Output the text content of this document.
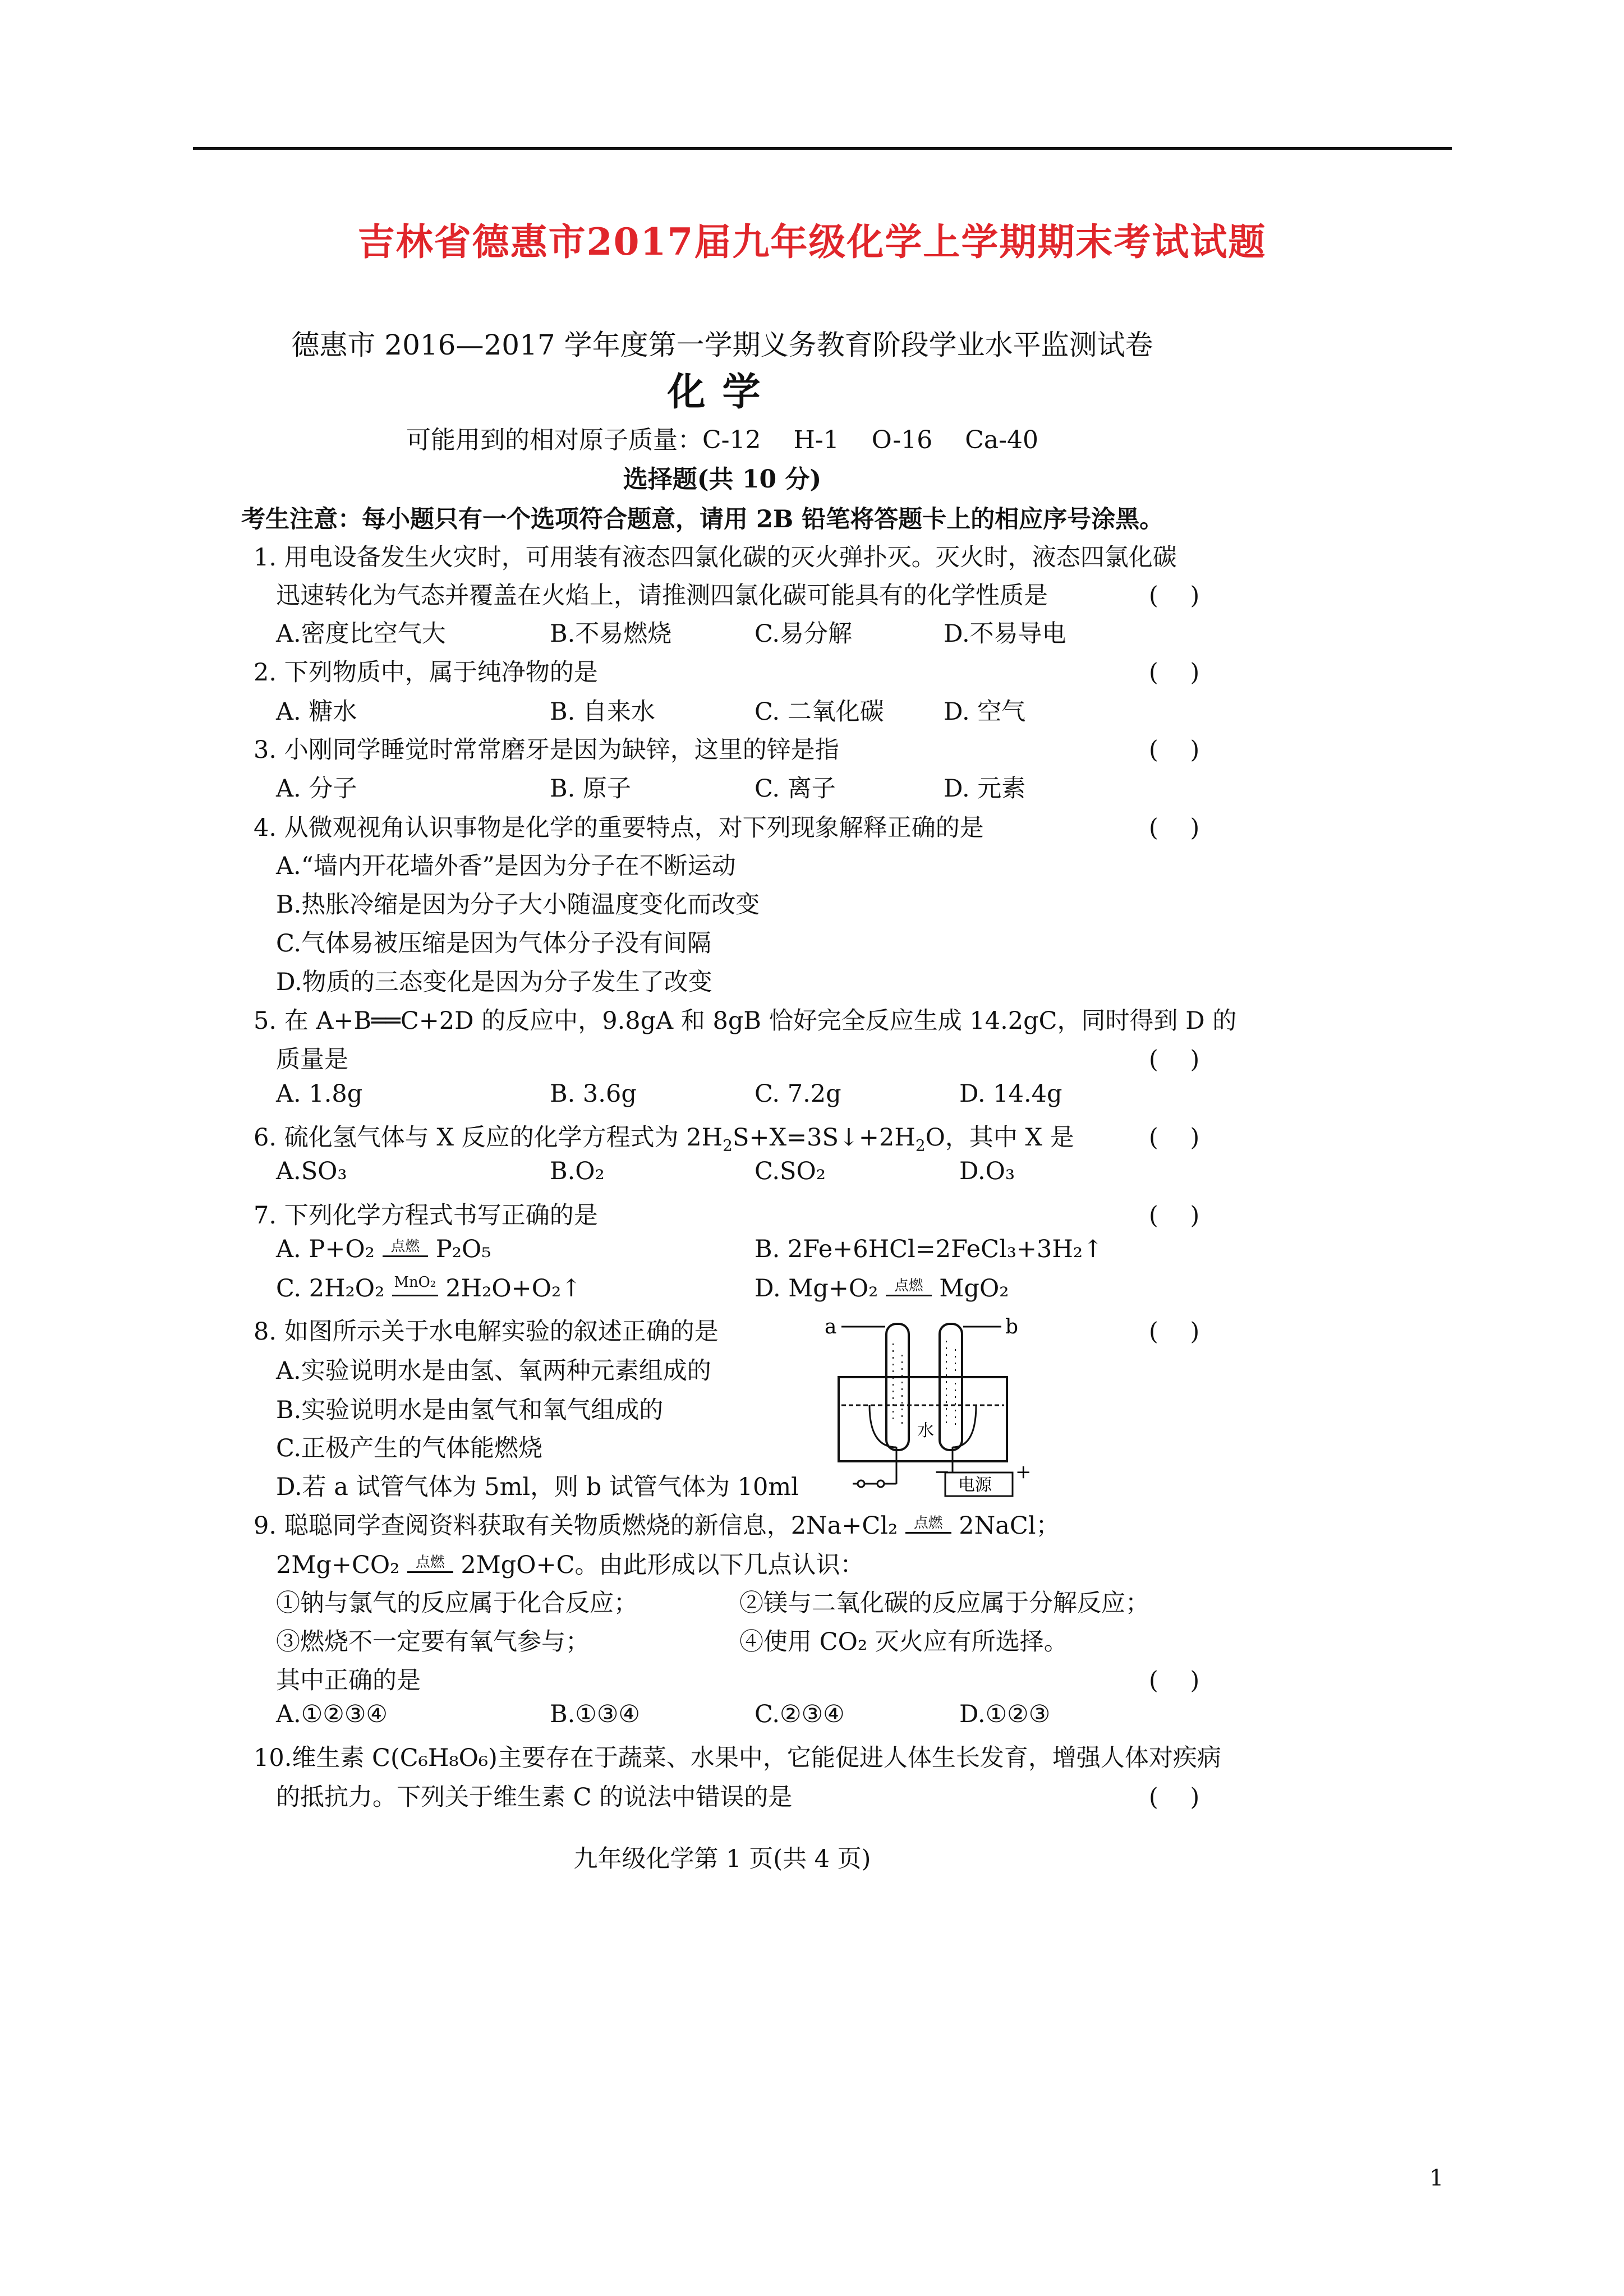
吉林省德惠市2017届九年级化学上学期期末考试试题
德惠市 2016—2017 学年度第一学期义务教育阶段学业水平监测试卷
化学
可能用到的相对原子质量：C-12　 H-1　 O-16　 Ca-40
选择题(共 10 分)
考生注意：每小题只有一个选项符合题意，请用 2B 铅笔将答题卡上的相应序号涂黑。
1. 用电设备发生火灾时，可用装有液态四氯化碳的灭火弹扑灭。灭火时，液态四氯化碳
迅速转化为气态并覆盖在火焰上，请推测四氯化碳可能具有的化学性质是	(　 )
A.密度比空气大	B.不易燃烧	C.易分解	D.不易导电
2. 下列物质中，属于纯净物的是	(　 )
A. 糖水	B. 自来水	C. 二氧化碳 D. 空气
3. 小刚同学睡觉时常常磨牙是因为缺锌，这里的锌是指	(　 )
A. 分子	B. 原子	C. 离子	D. 元素
4. 从微观视角认识事物是化学的重要特点，对下列现象解释正确的是	(　 )
A.“墙内开花墙外香”是因为分子在不断运动
B.热胀冷缩是因为分子大小随温度变化而改变
C.气体易被压缩是因为气体分子没有间隔
D.物质的三态变化是因为分子发生了改变
5. 在 A+B══C+2D 的反应中，9.8gA 和 8gB 恰好完全反应生成 14.2gC，同时得到 D 的
质量是	(　 )
A. 1.8g	B. 3.6g	C. 7.2g	D. 14.4g
6. 硫化氢气体与 X 反应的化学方程式为 $2H_2S+X=3S↓+2H_2O$，其中 X 是	(　 )
A.SO₃	B.O₂	C.SO₂	D.O₃
7. 下列化学方程式书写正确的是	(　 )
A. P+O₂	点燃 P₂O₅	B. 2Fe+6HCl=2FeCl₃+3H₂↑
C. 2H₂O₂ MnO₂ 2H₂O+O₂↑	D. Mg+O₂	点燃 MgO₂
8. 如图所示关于水电解实验的叙述正确的是	(　 )
A.实验说明水是由氢、氧两种元素组成的
B.实验说明水是由氢气和氧气组成的
C.正极产生的气体能燃烧
D.若 a 试管气体为 5ml，则 b 试管气体为 10ml
a	b
水
电源
−	+
9. 聪聪同学查阅资料获取有关物质燃烧的新信息，2Na+Cl₂	点燃 2NaCl；
2Mg+CO₂	点燃 2MgO+C。由此形成以下几点认识：
①钠与氯气的反应属于化合反应；	②镁与二氧化碳的反应属于分解反应；
③燃烧不一定要有氧气参与；	④使用 CO₂ 灭火应有所选择。
其中正确的是	(　 )
A.①②③④	B.①③④	C.②③④	D.①②③
10.维生素 C(C₆H₈O₆)主要存在于蔬菜、水果中，它能促进人体生长发育，增强人体对疾病
的抵抗力。下列关于维生素 C 的说法中错误的是	(　 )
九年级化学第 1 页(共 4 页)
1
